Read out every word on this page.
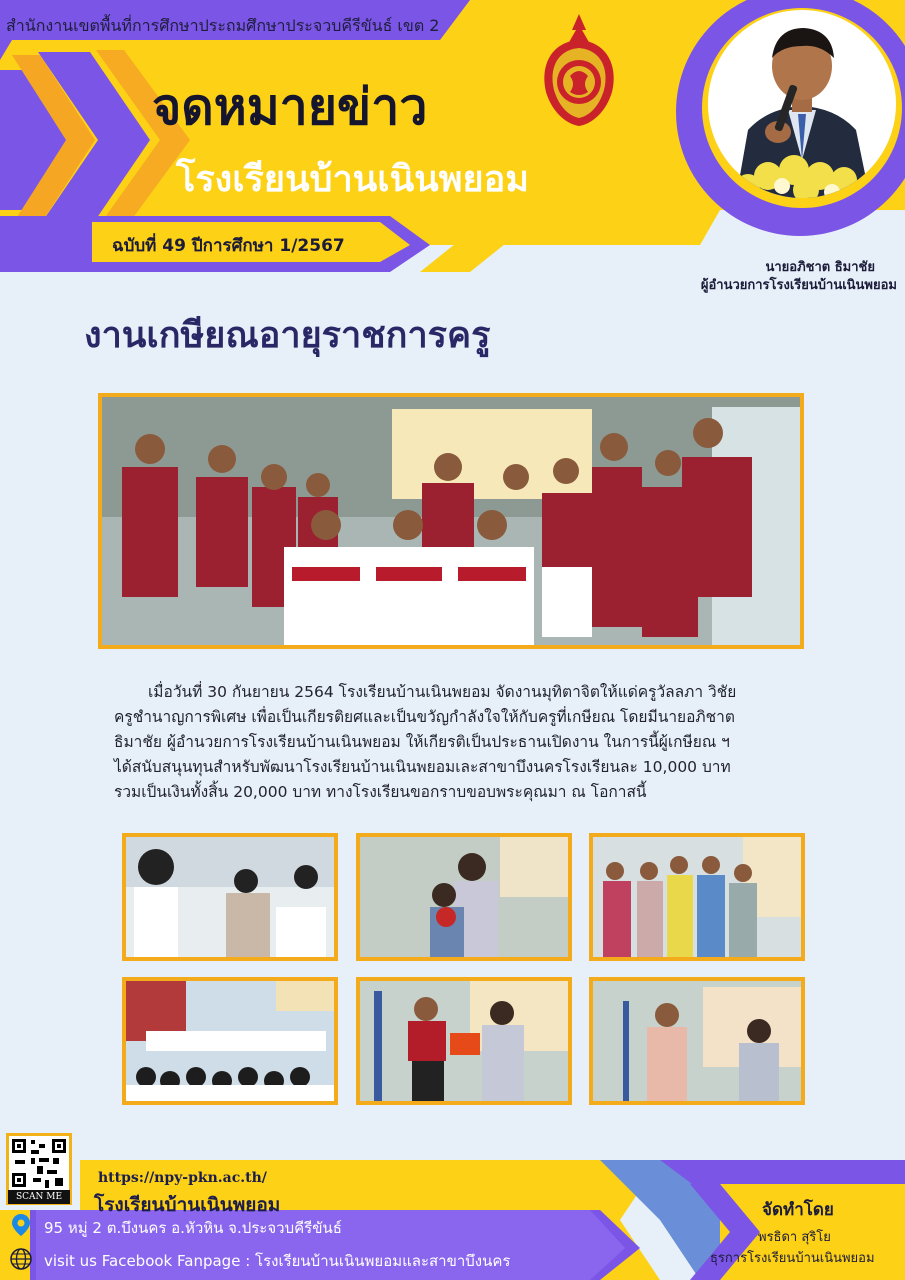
สำนักงานเขตพื้นที่การศึกษาประถมศึกษาประจวบคีรีขันธ์ เขต 2
จดหมายข่าว
โรงเรียนบ้านเนินพยอม
ฉบับที่ 49 ปีการศึกษา 1/2567
นายอภิชาต ธิมาชัย
ผู้อำนวยการโรงเรียนบ้านเนินพยอม
งานเกษียณอายุราชการครู

เมื่อวันที่ 30 กันยายน 2564 โรงเรียนบ้านเนินพยอม จัดงานมุทิตาจิตให้แด่ครูวัลลภา วิชัย

ครูชำนาญการพิเศษ เพื่อเป็นเกียรติยศและเป็นขวัญกำลังใจให้กับครูที่เกษียณ โดยมีนายอภิชาต

ธิมาชัย ผู้อำนวยการโรงเรียนบ้านเนินพยอม ให้เกียรติเป็นประธานเปิดงาน ในการนี้ผู้เกษียณ ฯ

ได้สนับสนุนทุนสำหรับพัฒนาโรงเรียนบ้านเนินพยอมเละสาขาบึงนครโรงเรียนละ 10,000 บาท

รวมเป็นเงินทั้งสิ้น 20,000 บาท ทางโรงเรียนขอกราบขอบพระคุณมา ณ โอกาสนี้

SCAN ME
https://npy-pkn.ac.th/
โรงเรียนบ้านเนินพยอม
95 หมู่ 2 ต.บึงนคร อ.หัวหิน จ.ประจวบคีรีขันธ์
visit us Facebook Fanpage : โรงเรียนบ้านเนินพยอมและสาขาบึงนคร
จัดทำโดย
พรธิดา สุริโย
ธุรการโรงเรียนบ้านเนินพยอม
